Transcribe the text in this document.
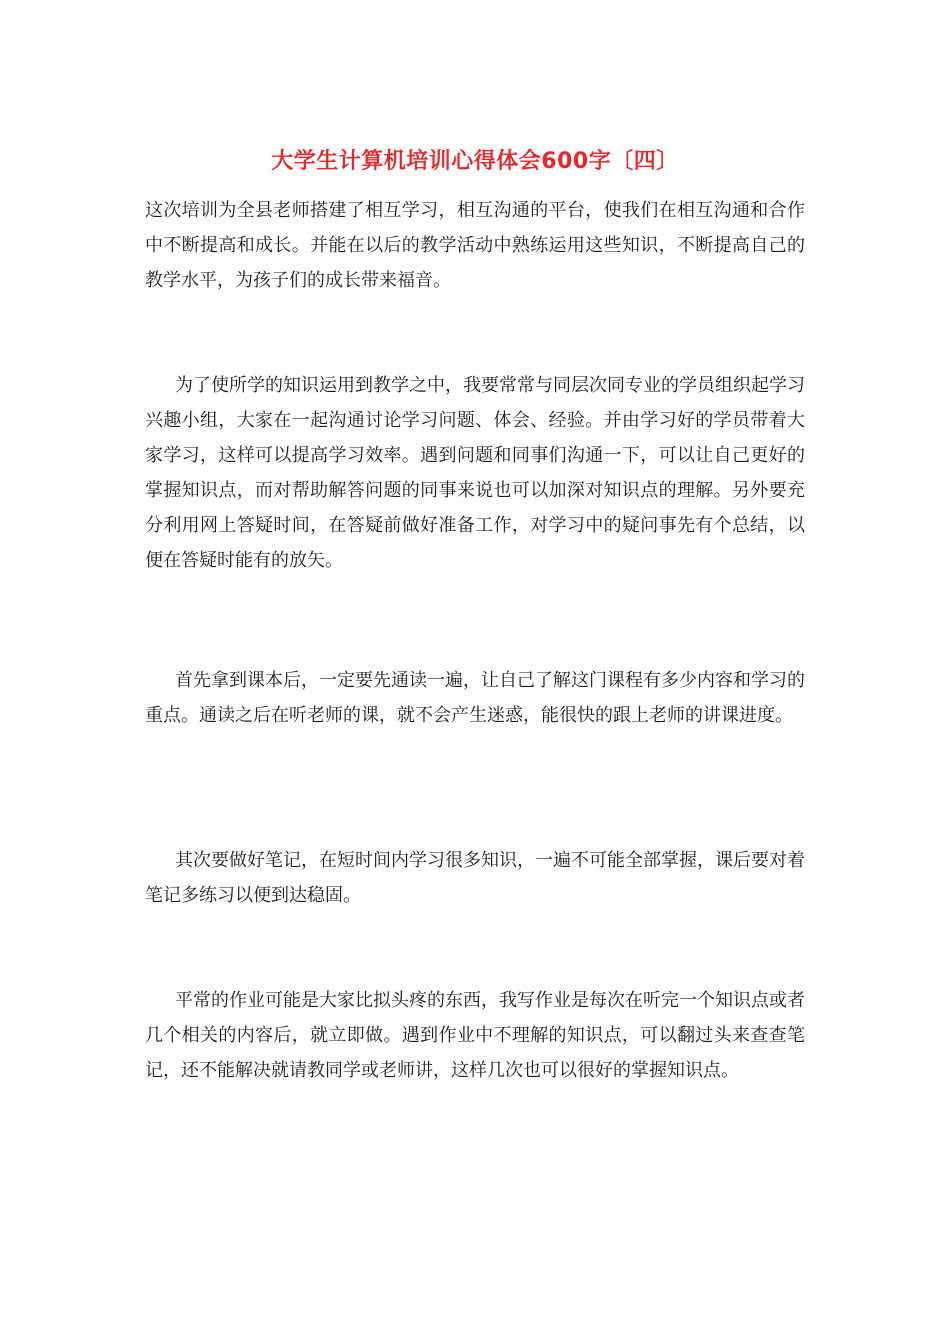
大学生计算机培训心得体会600字〔四〕

这次培训为全县老师搭建了相互学习，相互沟通的平台，使我们在相互沟通和合作中不断提高和成长。并能在以后的教学活动中熟练运用这些知识，不断提高自己的教学水平，为孩子们的成长带来福音。

为了使所学的知识运用到教学之中，我要常常与同层次同专业的学员组织起学习兴趣小组，大家在一起沟通讨论学习问题、体会、经验。并由学习好的学员带着大家学习，这样可以提高学习效率。遇到问题和同事们沟通一下，可以让自己更好的掌握知识点，而对帮助解答问题的同事来说也可以加深对知识点的理解。另外要充分利用网上答疑时间，在答疑前做好准备工作，对学习中的疑问事先有个总结，以便在答疑时能有的放矢。

首先拿到课本后，一定要先通读一遍，让自己了解这门课程有多少内容和学习的重点。通读之后在听老师的课，就不会产生迷惑，能很快的跟上老师的讲课进度。

其次要做好笔记，在短时间内学习很多知识，一遍不可能全部掌握，课后要对着笔记多练习以便到达稳固。

平常的作业可能是大家比拟头疼的东西，我写作业是每次在听完一个知识点或者几个相关的内容后，就立即做。遇到作业中不理解的知识点，可以翻过头来查查笔记，还不能解决就请教同学或老师讲，这样几次也可以很好的掌握知识点。
